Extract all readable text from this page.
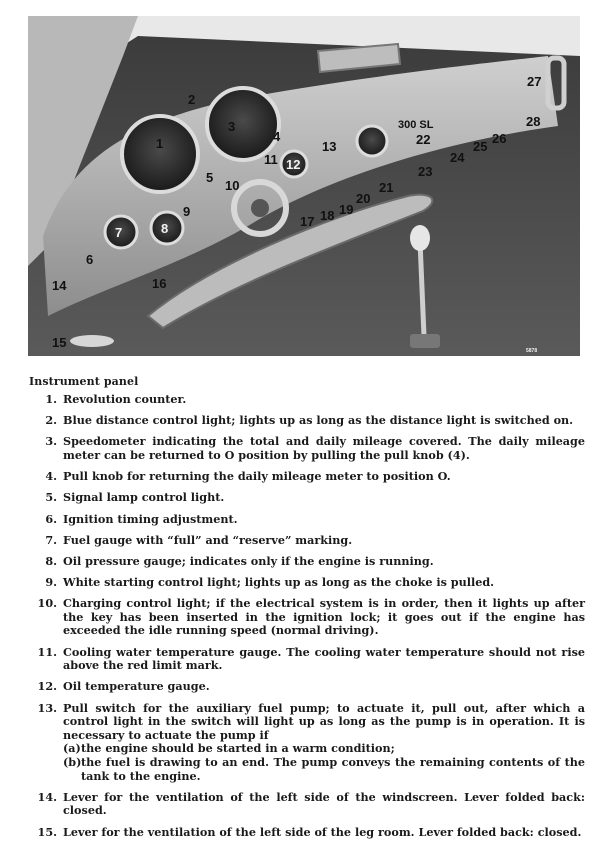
300 SL
5878
1
2
3
4
5
6
7	8
9
10
11 12
13
14
15
16
17 18 19
20
21
22
23
24
25
26
27
28
Instrument panel
1. Revolution counter.
2. Blue distance control light; lights up as long as the distance light is switched on.
3. Speedometer indicating the total and daily mileage covered. The daily mileage meter can be returned to O position by pulling the pull knob (4).
4. Pull knob for returning the daily mileage meter to position O.
5. Signal lamp control light.
6. Ignition timing adjustment.
7. Fuel gauge with “full” and “reserve” marking.
8. Oil pressure gauge; indicates only if the engine is running.
9. White starting control light; lights up as long as the choke is pulled.
10. Charging control light; if the electrical system is in order, then it lights up after the key has been inserted in the ignition lock; it goes out if the engine has exceeded the idle running speed (normal driving).
11. Cooling water temperature gauge. The cooling water temperature should not rise above the red limit mark.
12. Oil temperature gauge.
13. Pull switch for the auxiliary fuel pump; to actuate it, pull out, after which a control light in the switch will light up as long as the pump is in operation. It is necessary to actuate the pump if
(a) the engine should be started in a warm condition;
(b) the fuel is drawing to an end. The pump conveys the remaining contents of the tank to the engine.
14. Lever for the ventilation of the left side of the windscreen. Lever folded back: closed.
15. Lever for the ventilation of the left side of the leg room. Lever folded back: closed.
